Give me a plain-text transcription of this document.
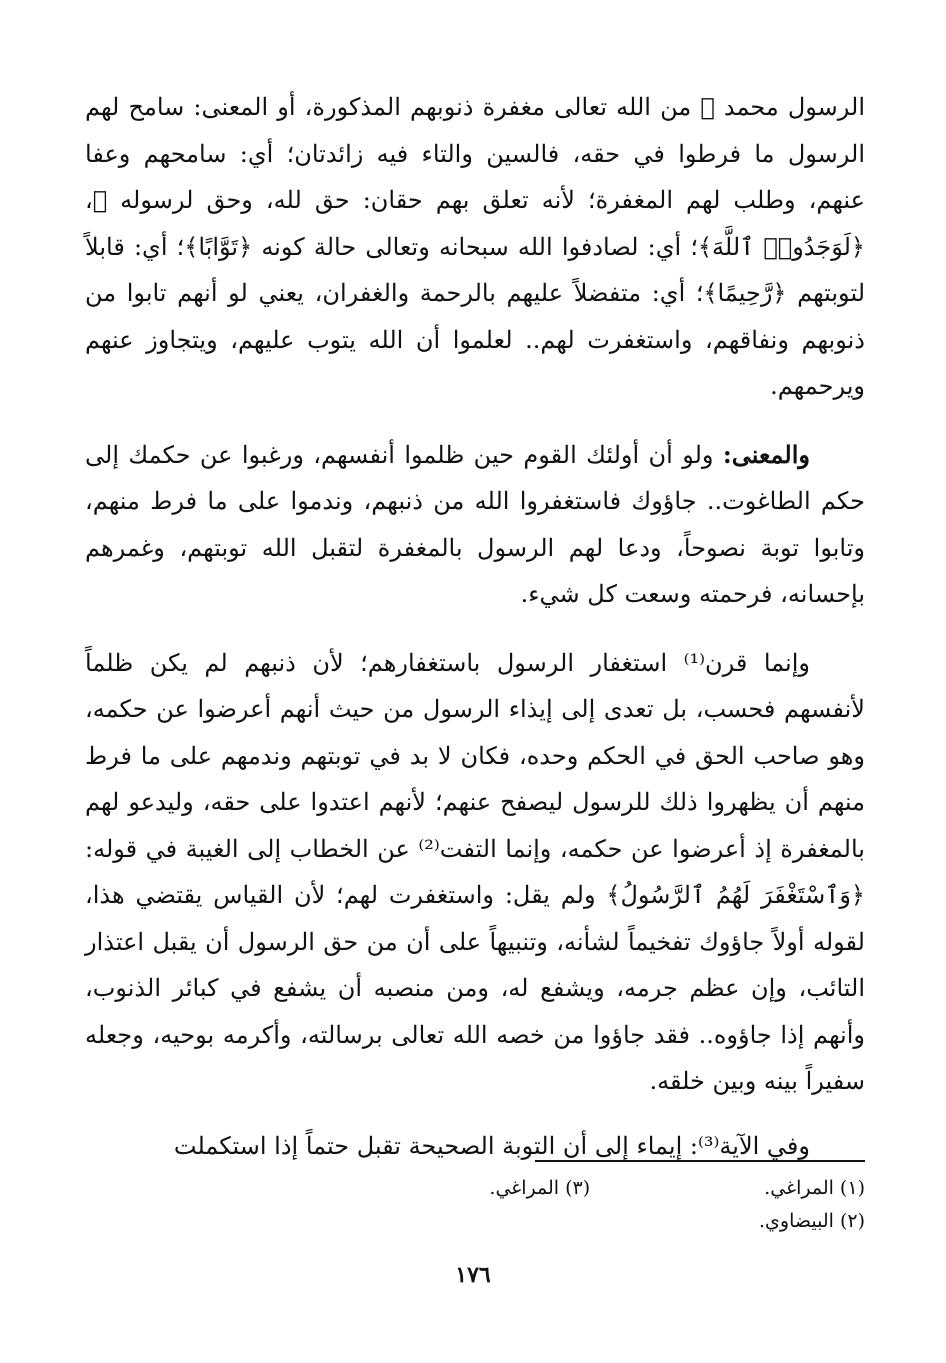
الرسول محمد ﷺ من الله تعالى مغفرة ذنوبهم المذكورة، أو المعنى: سامح لهم الرسول ما فرطوا في حقه، فالسين والتاء فيه زائدتان؛ أي: سامحهم وعفا عنهم، وطلب لهم المغفرة؛ لأنه تعلق بهم حقان: حق لله، وحق لرسوله ﷺ، ﴿لَوَجَدُوا۟ ٱللَّهَ﴾؛ أي: لصادفوا الله سبحانه وتعالى حالة كونه ﴿تَوَّابًا﴾؛ أي: قابلاً لتوبتهم ﴿رَّحِيمًا﴾؛ أي: متفضلاً عليهم بالرحمة والغفران، يعني لو أنهم تابوا من ذنوبهم ونفاقهم، واستغفرت لهم.. لعلموا أن الله يتوب عليهم، ويتجاوز عنهم ويرحمهم.

والمعنى: ولو أن أولئك القوم حين ظلموا أنفسهم، ورغبوا عن حكمك إلى حكم الطاغوت.. جاؤوك فاستغفروا الله من ذنبهم، وندموا على ما فرط منهم، وتابوا توبة نصوحاً، ودعا لهم الرسول بالمغفرة لتقبل الله توبتهم، وغمرهم بإحسانه، فرحمته وسعت كل شيء.

وإنما قرن⁽¹⁾ استغفار الرسول باستغفارهم؛ لأن ذنبهم لم يكن ظلماً لأنفسهم فحسب، بل تعدى إلى إيذاء الرسول من حيث أنهم أعرضوا عن حكمه، وهو صاحب الحق في الحكم وحده، فكان لا بد في توبتهم وندمهم على ما فرط منهم أن يظهروا ذلك للرسول ليصفح عنهم؛ لأنهم اعتدوا على حقه، وليدعو لهم بالمغفرة إذ أعرضوا عن حكمه، وإنما التفت⁽²⁾ عن الخطاب إلى الغيبة في قوله: ﴿وَٱسْتَغْفَرَ لَهُمُ ٱلرَّسُولُ﴾ ولم يقل: واستغفرت لهم؛ لأن القياس يقتضي هذا، لقوله أولاً جاؤوك تفخيماً لشأنه، وتنبيهاً على أن من حق الرسول أن يقبل اعتذار التائب، وإن عظم جرمه، ويشفع له، ومن منصبه أن يشفع في كبائر الذنوب، وأنهم إذا جاؤوه.. فقد جاؤوا من خصه الله تعالى برسالته، وأكرمه بوحيه، وجعله سفيراً بينه وبين خلقه.

وفي الآية⁽³⁾: إيماء إلى أن التوبة الصحيحة تقبل حتماً إذا استكملت

(١) المراغي.
(٢) البيضاوي.

(٣) المراغي.
١٧٦
